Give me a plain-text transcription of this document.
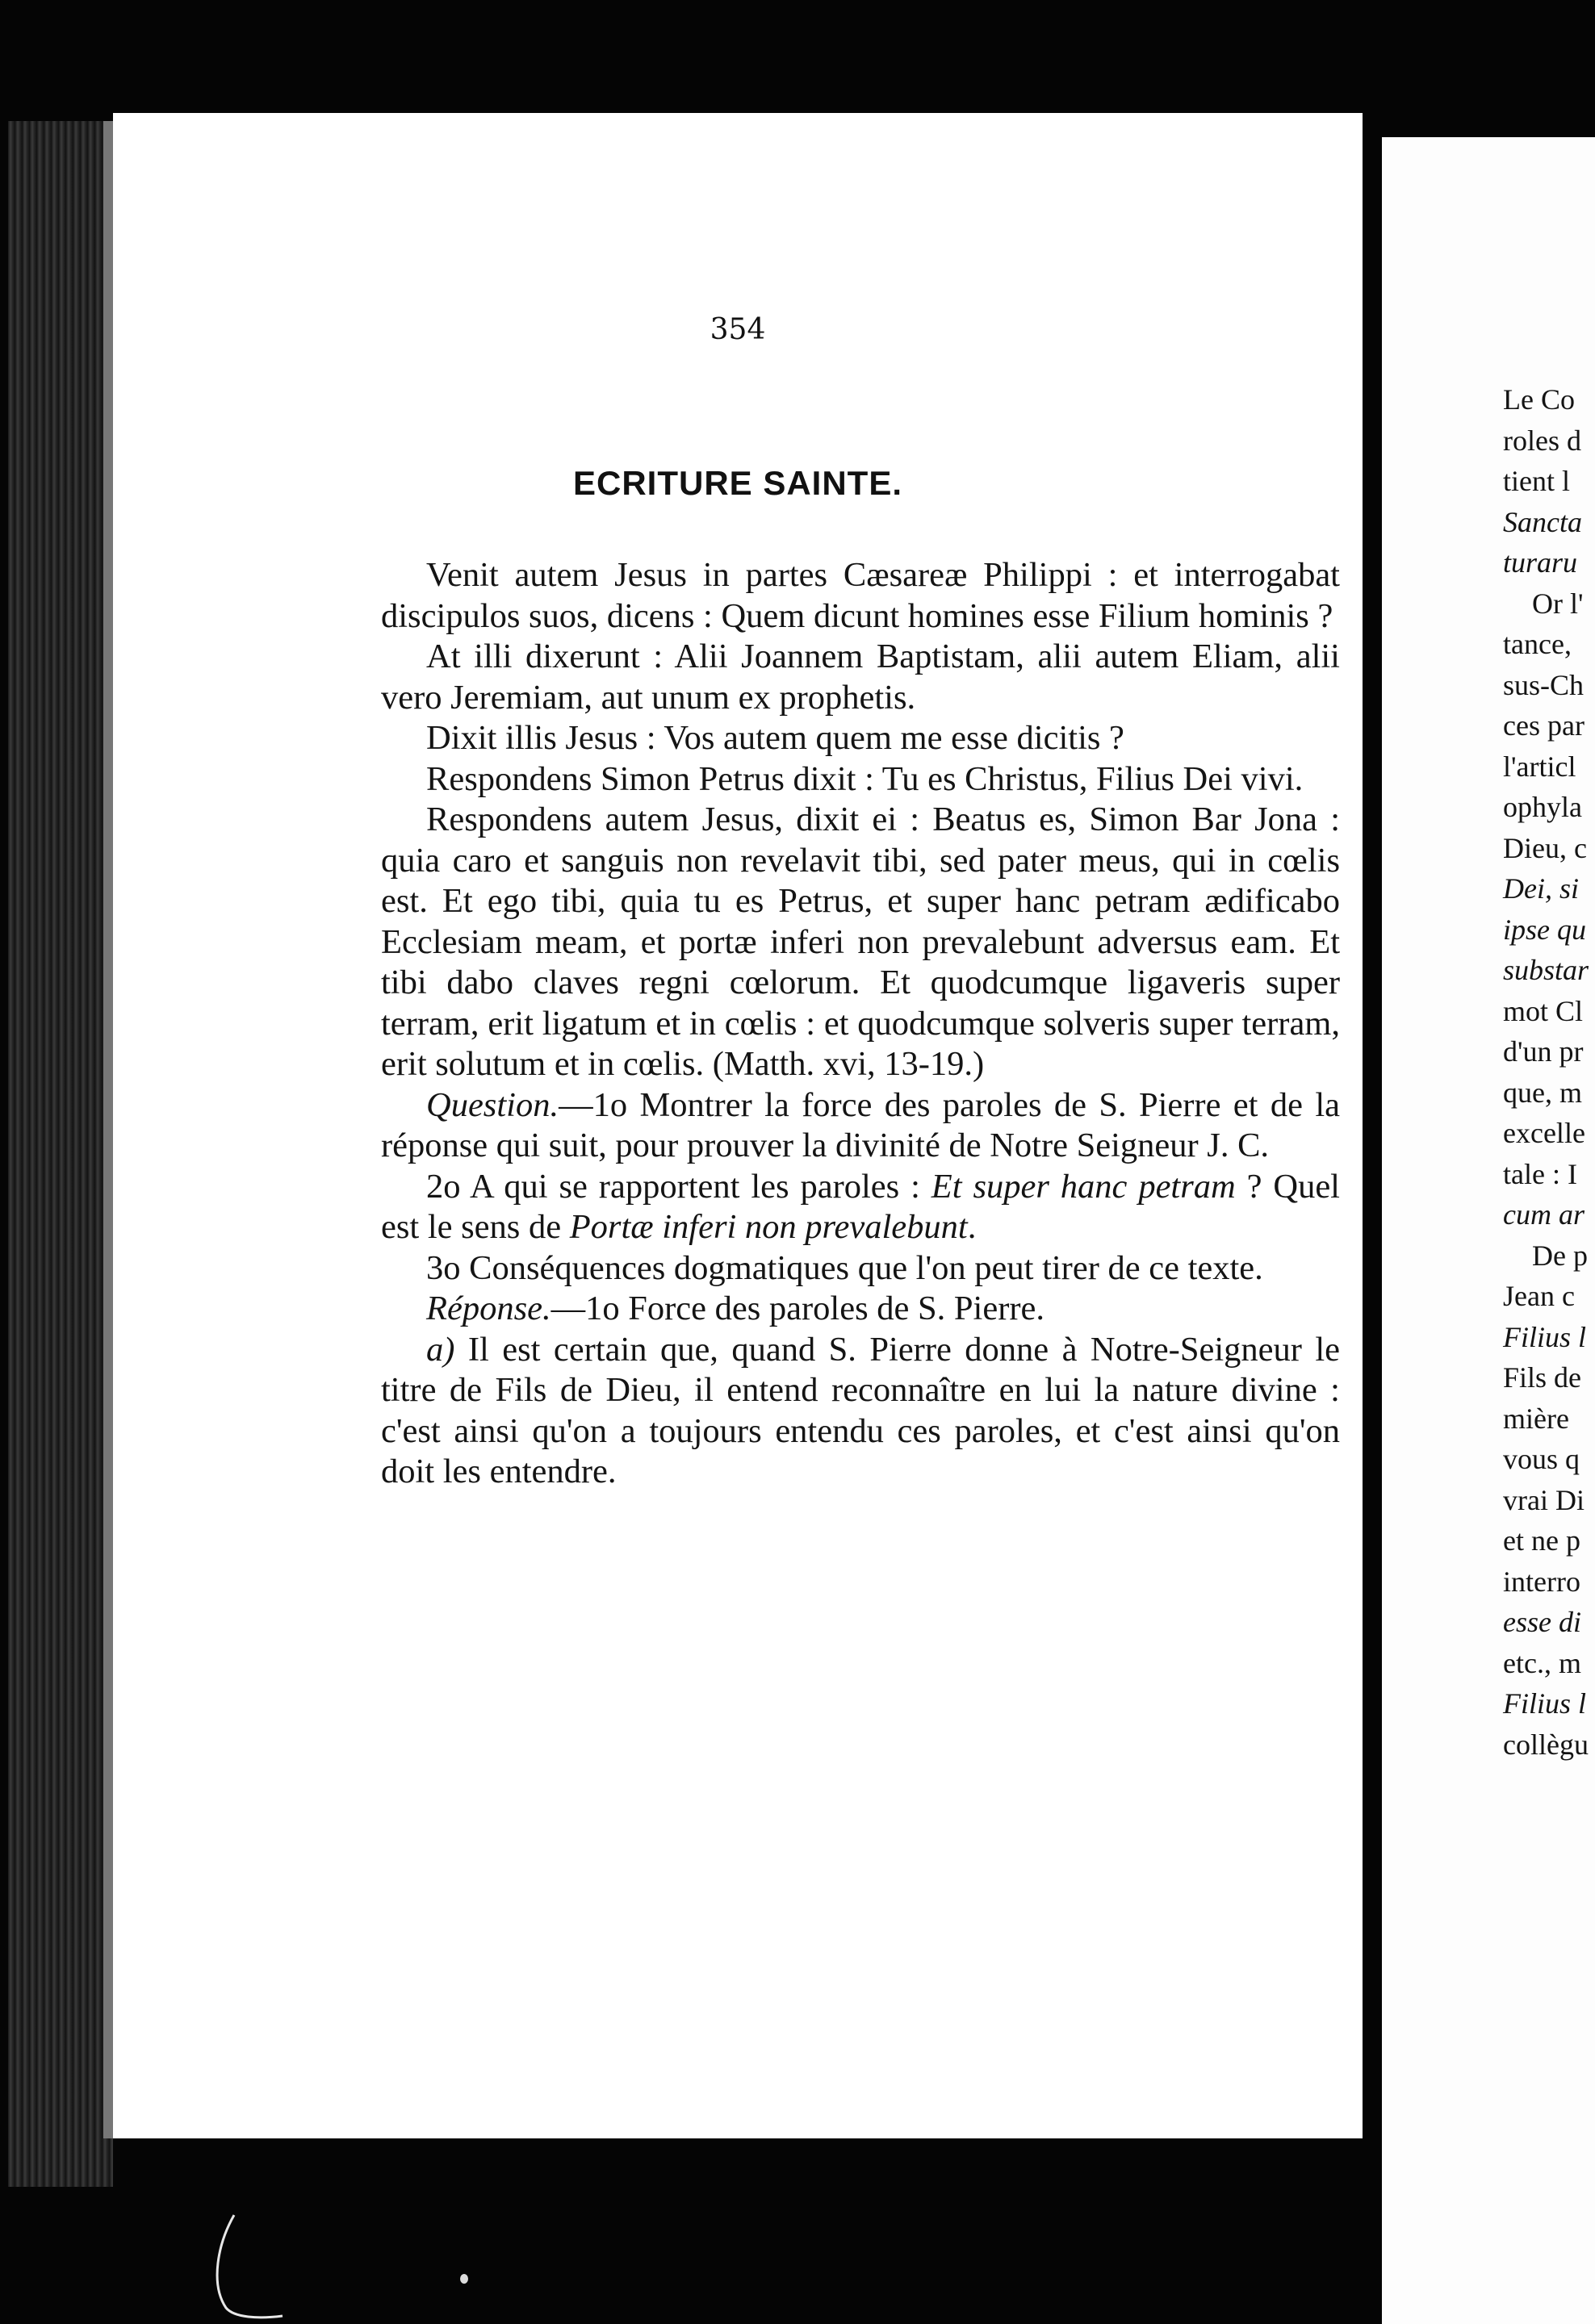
354
ECRITURE SAINTE.

Venit autem Jesus in partes Cæsareæ Philippi : et interrogabat discipulos suos, dicens : Quem dicunt homines esse Filium hominis ?

At illi dixerunt : Alii Joannem Baptistam, alii autem Eliam, alii vero Jeremiam, aut unum ex prophetis.

Dixit illis Jesus : Vos autem quem me esse dicitis ?

Respondens Simon Petrus dixit : Tu es Christus, Filius Dei vivi.

Respondens autem Jesus, dixit ei : Beatus es, Simon Bar Jona : quia caro et sanguis non revelavit tibi, sed pater meus, qui in cœlis est. Et ego tibi, quia tu es Petrus, et super hanc petram ædificabo Ecclesiam meam, et portæ inferi non prevalebunt adversus eam. Et tibi dabo claves regni cœlorum. Et quodcumque ligaveris super terram, erit ligatum et in cœlis : et quodcumque solveris super terram, erit solutum et in cœlis. (Matth. xvi, 13-19.)

Question.—1o Montrer la force des paroles de S. Pierre et de la réponse qui suit, pour prouver la divinité de Notre Seigneur J. C.

2o A qui se rapportent les paroles : Et super hanc petram ? Quel est le sens de Portæ inferi non prevalebunt.

3o Conséquences dogmatiques que l'on peut tirer de ce texte.

Réponse.—1o Force des paroles de S. Pierre.

a) Il est certain que, quand S. Pierre donne à Notre-Seigneur le titre de Fils de Dieu, il entend reconnaître en lui la nature divine : c'est ainsi qu'on a toujours entendu ces paroles, et c'est ainsi qu'on doit les entendre.

Le Co
roles d
tient l
Sancta
turaru
Or l'
tance,
sus-Ch
ces par
l'articl
ophyla
Dieu, c
Dei, si
ipse qu
substar
mot Cl
d'un pr
que, m
excelle
tale : I
cum ar
De p
Jean c
Filius l
Fils de
mière
vous q
vrai Di
et ne p
interro
esse di
etc., m
Filius l
collègu
